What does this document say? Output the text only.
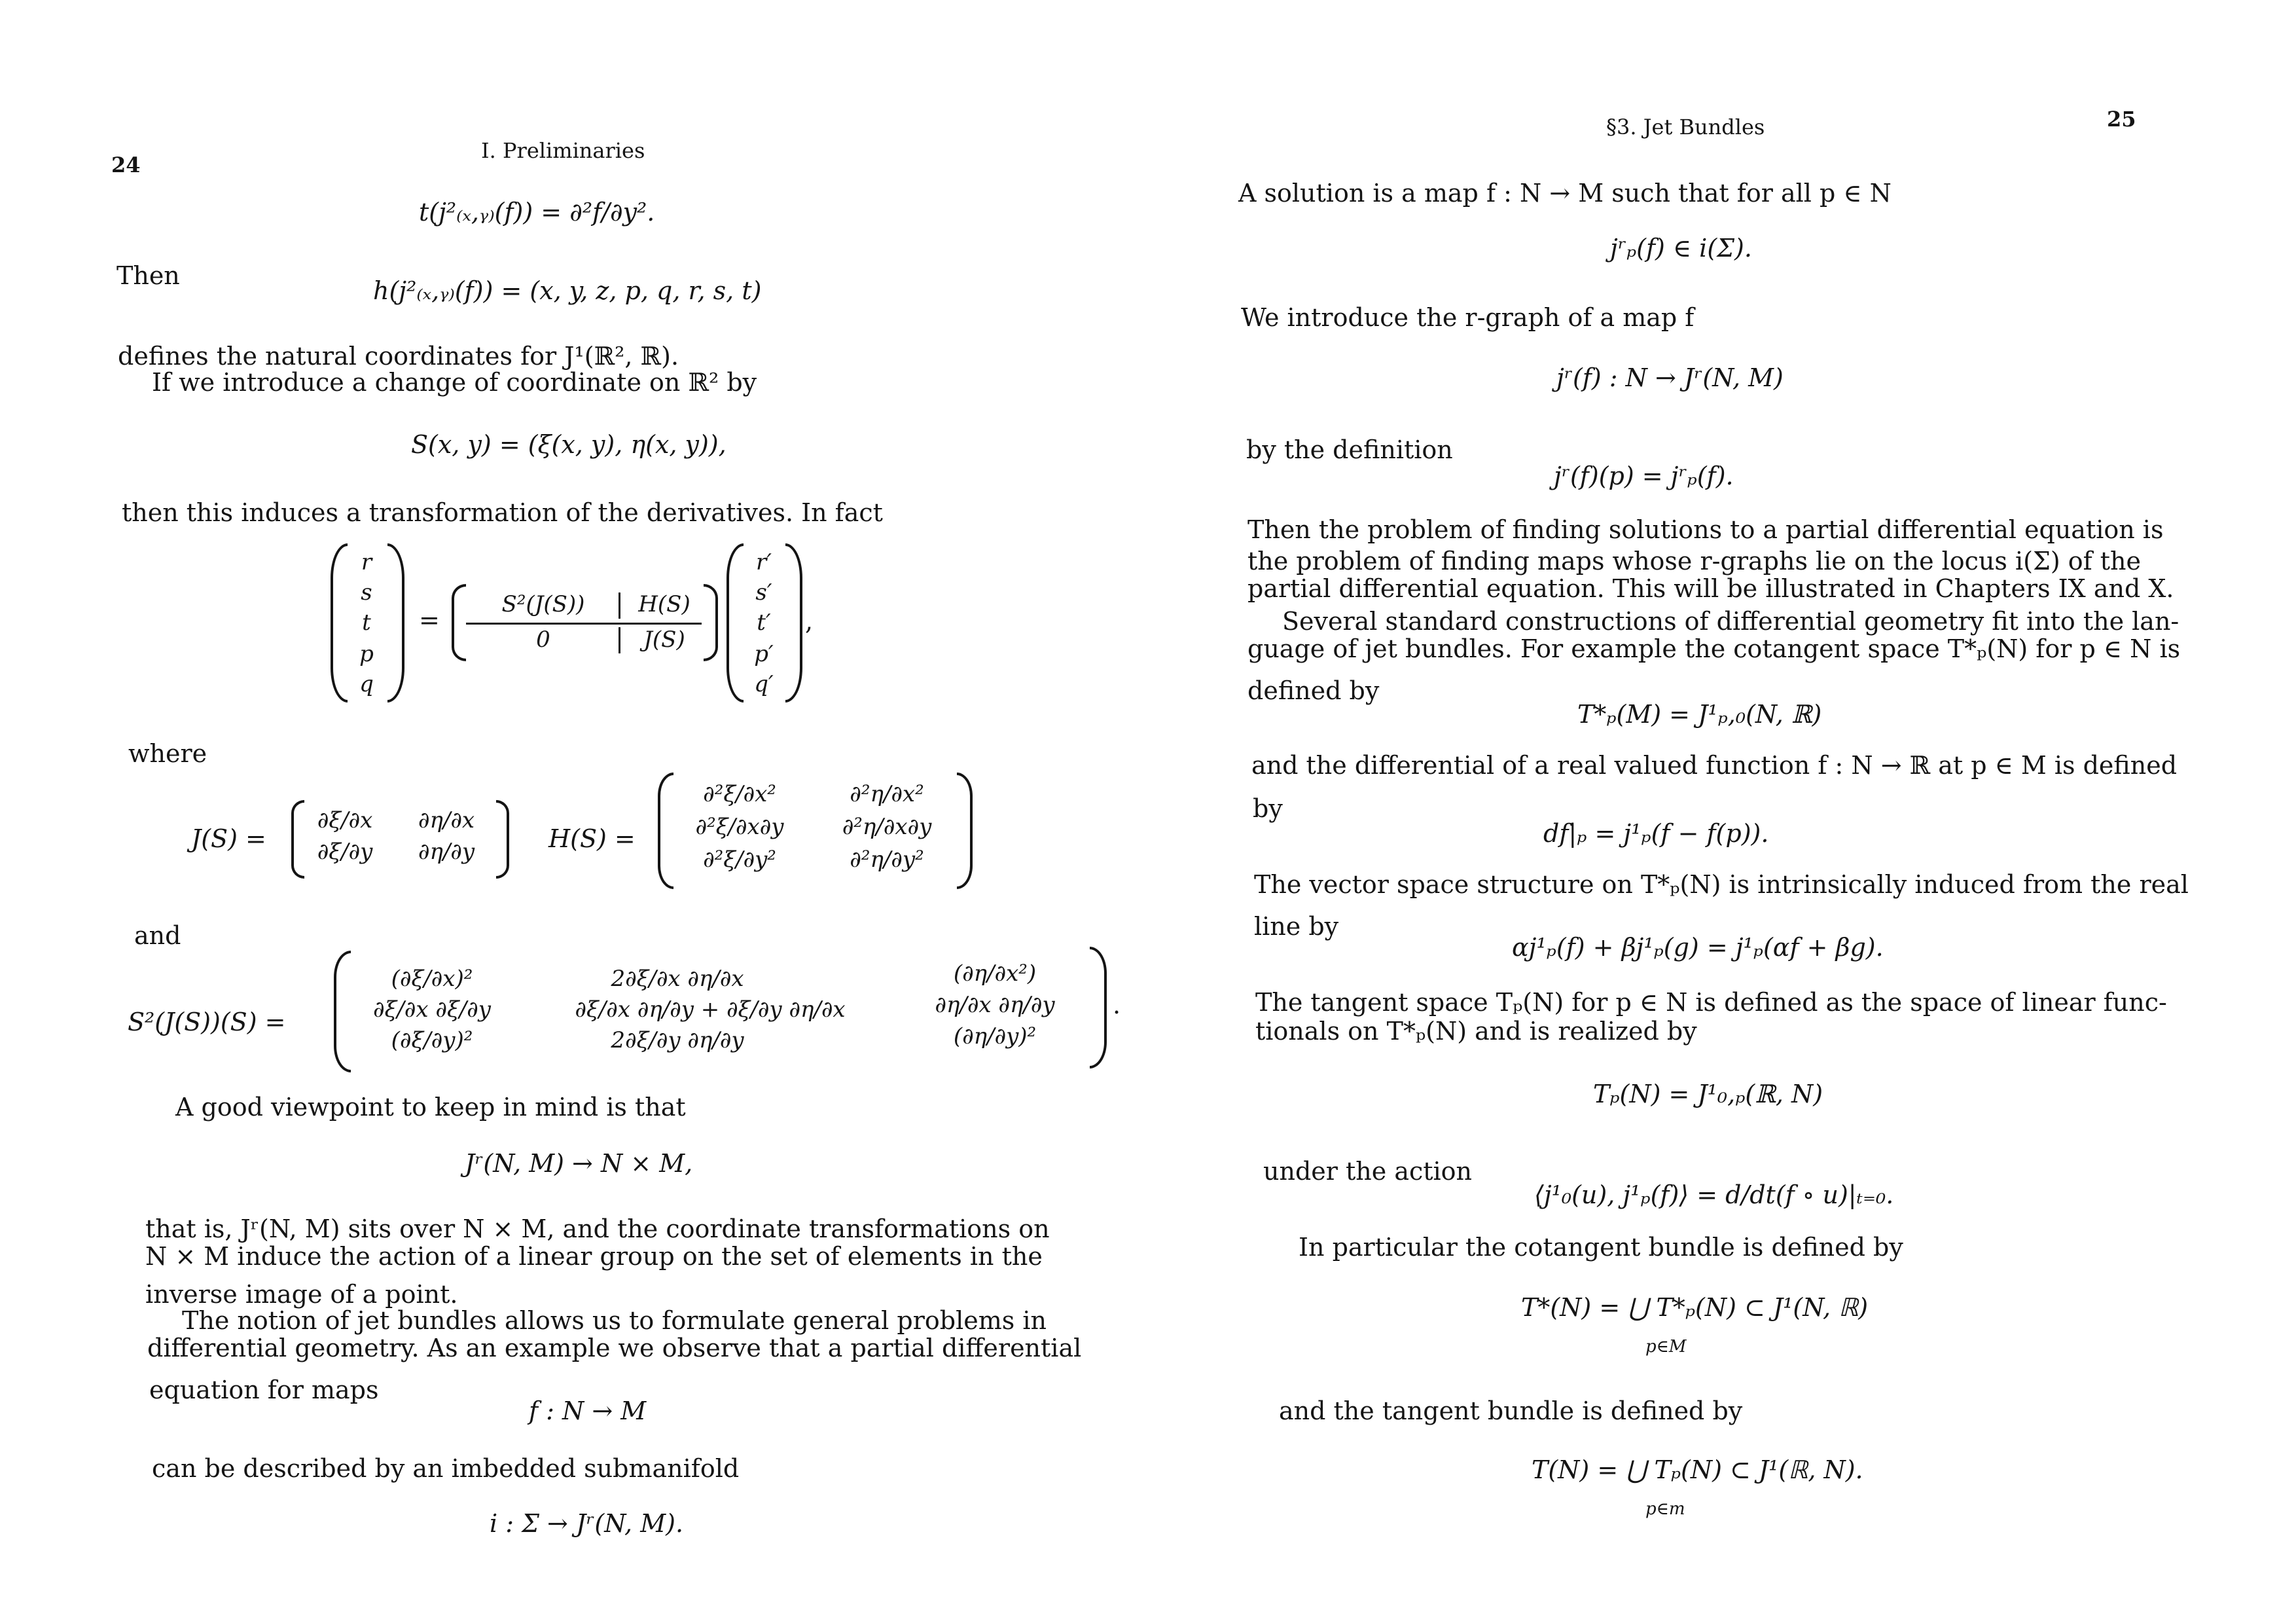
24
I. Preliminaries
t(j²₍ₓ,ᵧ₎(f)) = ∂²f/∂y².
Then
h(j²₍ₓ,ᵧ₎(f)) = (x, y, z, p, q, r, s, t)
defines the natural coordinates for J¹(ℝ², ℝ).
If we introduce a change of coordinate on ℝ² by
S(x, y) = (ξ(x, y), η(x, y)),
then this induces a transformation of the derivatives. In fact
r
s
t
p
q
=
S²(J(S))	H(S)
0	J(S)
r′
s′
t′
p′
q′
,
where
J(S) =
∂ξ/∂x	∂η/∂x
∂ξ/∂y	∂η/∂y	H(S) =
∂²ξ/∂x²	∂²η/∂x²
∂²ξ/∂x∂y	∂²η/∂x∂y
∂²ξ/∂y²	∂²η/∂y²
and
S²(J(S))(S) =
(∂ξ/∂x)²	2∂ξ/∂x ∂η/∂x	(∂η/∂x²)
∂ξ/∂x ∂ξ/∂y	∂ξ/∂x ∂η/∂y + ∂ξ/∂y ∂η/∂x	∂η/∂x ∂η/∂y
(∂ξ/∂y)²	2∂ξ/∂y ∂η/∂y	(∂η/∂y)²
.
A good viewpoint to keep in mind is that
Jʳ(N, M) → N × M,
that is, Jʳ(N, M) sits over N × M, and the coordinate transformations on
N × M induce the action of a linear group on the set of elements in the
inverse image of a point.
The notion of jet bundles allows us to formulate general problems in
differential geometry. As an example we observe that a partial differential
equation for maps
f : N → M
can be described by an imbedded submanifold
i : Σ → Jʳ(N, M).
§3. Jet Bundles	25
A solution is a map f : N → M such that for all p ∈ N
jʳₚ(f) ∈ i(Σ).
We introduce the r-graph of a map f
jʳ(f) : N → Jʳ(N, M)
by the definition
jʳ(f)(p) = jʳₚ(f).
Then the problem of finding solutions to a partial differential equation is
the problem of finding maps whose r-graphs lie on the locus i(Σ) of the
partial differential equation. This will be illustrated in Chapters IX and X.
Several standard constructions of differential geometry fit into the lan-
guage of jet bundles. For example the cotangent space T*ₚ(N) for p ∈ N is
defined by
T*ₚ(M) = J¹ₚ,₀(N, ℝ)
and the differential of a real valued function f : N → ℝ at p ∈ M is defined
by
df|ₚ = j¹ₚ(f − f(p)).
The vector space structure on T*ₚ(N) is intrinsically induced from the real
line by
αj¹ₚ(f) + βj¹ₚ(g) = j¹ₚ(αf + βg).
The tangent space Tₚ(N) for p ∈ N is defined as the space of linear func-
tionals on T*ₚ(N) and is realized by
Tₚ(N) = J¹₀,ₚ(ℝ, N)
under the action
⟨j¹₀(u), j¹ₚ(f)⟩ = d/dt(f ∘ u)|ₜ₌₀.
In particular the cotangent bundle is defined by
T*(N) = ⋃ T*ₚ(N) ⊂ J¹(N, ℝ)
p∈M
and the tangent bundle is defined by
T(N) = ⋃ Tₚ(N) ⊂ J¹(ℝ, N).
p∈m
